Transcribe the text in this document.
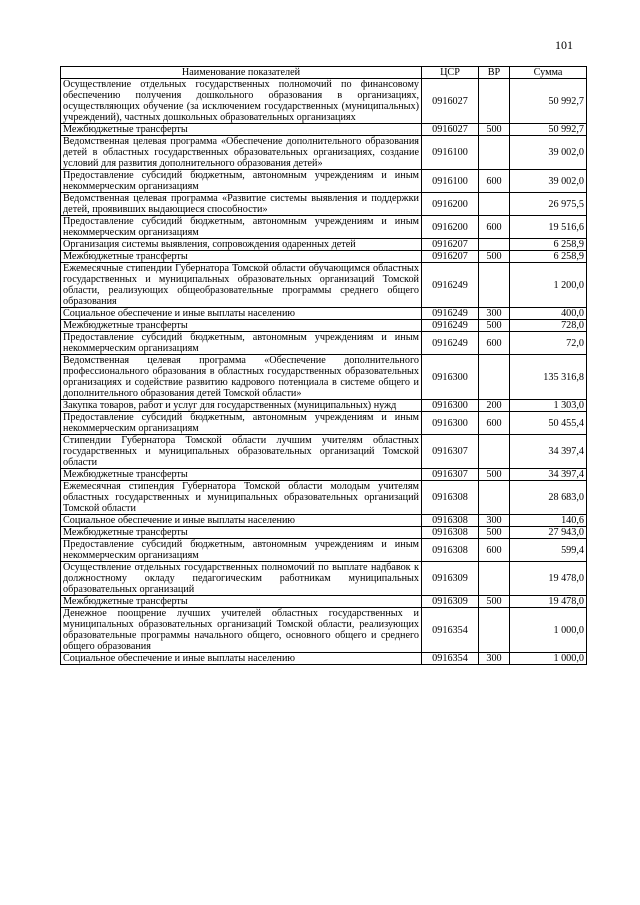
101
Наименование показателей	ЦСР	ВР	Сумма
Осуществление отдельных государственных полномочий по финансовому обеспечению получения дошкольного образования в организациях, осуществляющих обучение (за исключением государственных (муниципальных) учреждений), частных дошкольных образовательных организациях	0916027		50 992,7
Межбюджетные трансферты	0916027	500	50 992,7
Ведомственная целевая программа «Обеспечение дополнительного образования детей в областных государственных образовательных организациях, создание условий для развития дополнительного образования детей»	0916100		39 002,0
Предоставление субсидий бюджетным, автономным учреждениям и иным некоммерческим организациям	0916100	600	39 002,0
Ведомственная целевая программа «Развитие системы выявления и поддержки детей, проявивших выдающиеся способности»	0916200		26 975,5
Предоставление субсидий бюджетным, автономным учреждениям и иным некоммерческим организациям	0916200	600	19 516,6
Организация системы выявления, сопровождения одаренных детей	0916207		6 258,9
Межбюджетные трансферты	0916207	500	6 258,9
Ежемесячные стипендии Губернатора Томской области обучающимся областных государственных и муниципальных образовательных организаций Томской области, реализующих общеобразовательные программы среднего общего образования	0916249		1 200,0
Социальное обеспечение и иные выплаты населению	0916249	300	400,0
Межбюджетные трансферты	0916249	500	728,0
Предоставление субсидий бюджетным, автономным учреждениям и иным некоммерческим организациям	0916249	600	72,0
Ведомственная целевая программа «Обеспечение дополнительного профессионального образования в областных государственных образовательных организациях и содействие развитию кадрового потенциала в системе общего и дополнительного образования детей Томской области»	0916300		135 316,8
Закупка товаров, работ и услуг для государственных (муниципальных) нужд	0916300	200	1 303,0
Предоставление субсидий бюджетным, автономным учреждениям и иным некоммерческим организациям	0916300	600	50 455,4
Стипендии Губернатора Томской области лучшим учителям областных государственных и муниципальных образовательных организаций Томской области	0916307		34 397,4
Межбюджетные трансферты	0916307	500	34 397,4
Ежемесячная стипендия Губернатора Томской области молодым учителям областных государственных и муниципальных образовательных организаций Томской области	0916308		28 683,0
Социальное обеспечение и иные выплаты населению	0916308	300	140,6
Межбюджетные трансферты	0916308	500	27 943,0
Предоставление субсидий бюджетным, автономным учреждениям и иным некоммерческим организациям	0916308	600	599,4
Осуществление отдельных государственных полномочий по выплате надбавок к должностному окладу педагогическим работникам муниципальных образовательных организаций	0916309		19 478,0
Межбюджетные трансферты	0916309	500	19 478,0
Денежное поощрение лучших учителей областных государственных и муниципальных образовательных организаций Томской области, реализующих образовательные программы начального общего, основного общего и среднего общего образования	0916354		1 000,0
Социальное обеспечение и иные выплаты населению	0916354	300	1 000,0
